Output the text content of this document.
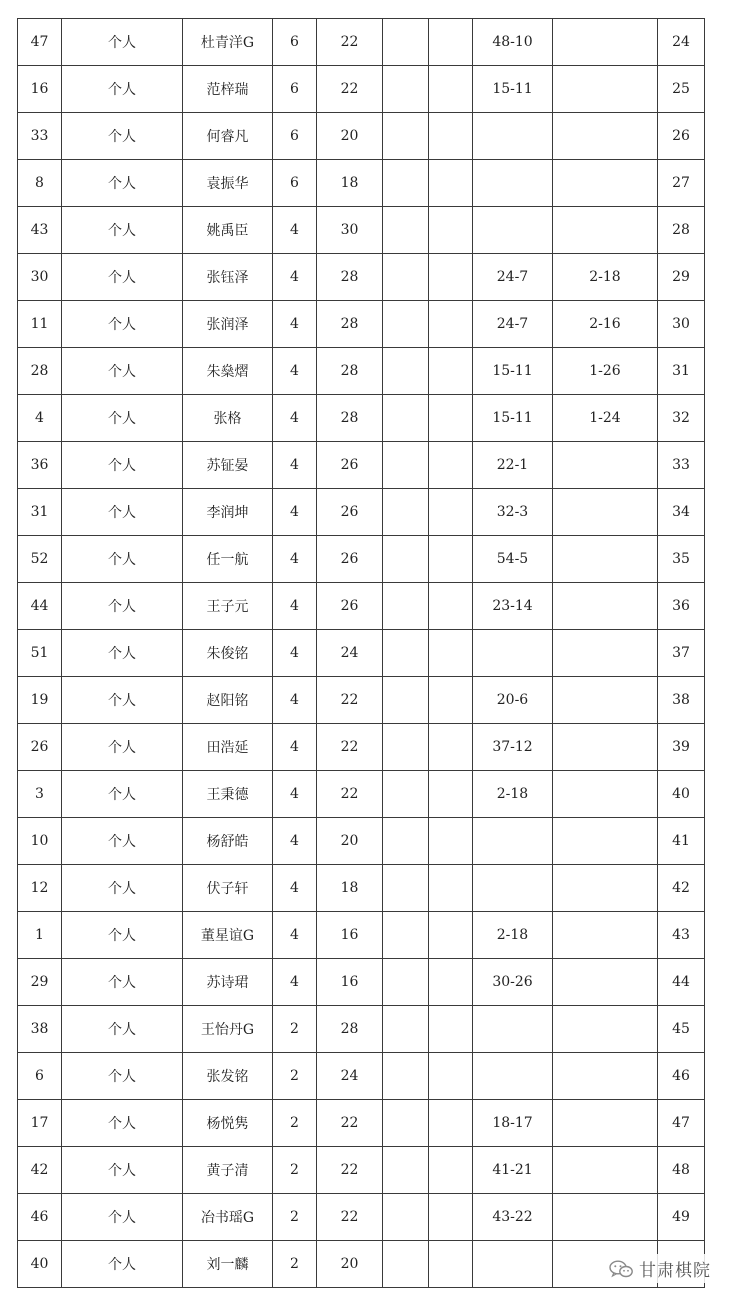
47	个人	杜青洋G	6	22			48-10		24
16	个人	范梓瑞	6	22			15-11		25
33	个人	何睿凡	6	20					26
8	个人	袁振华	6	18					27
43	个人	姚禹臣	4	30					28
30	个人	张钰泽	4	28			24-7	2-18	29
11	个人	张润泽	4	28			24-7	2-16	30
28	个人	朱燊熠	4	28			15-11	1-26	31
4	个人	张格	4	28			15-11	1-24	32
36	个人	苏钲晏	4	26			22-1		33
31	个人	李润坤	4	26			32-3		34
52	个人	任一航	4	26			54-5		35
44	个人	王子元	4	26			23-14		36
51	个人	朱俊铭	4	24					37
19	个人	赵阳铭	4	22			20-6		38
26	个人	田浩延	4	22			37-12		39
3	个人	王秉德	4	22			2-18		40
10	个人	杨舒皓	4	20					41
12	个人	伏子轩	4	18					42
1	个人	董星谊G	4	16			2-18		43
29	个人	苏诗珺	4	16			30-26		44
38	个人	王怡丹G	2	28					45
6	个人	张发铭	2	24					46
17	个人	杨悦隽	2	22			18-17		47
42	个人	黄子清	2	22			41-21		48
46	个人	冶书瑶G	2	22			43-22		49
40	个人	刘一麟	2	20						甘肃棋院
